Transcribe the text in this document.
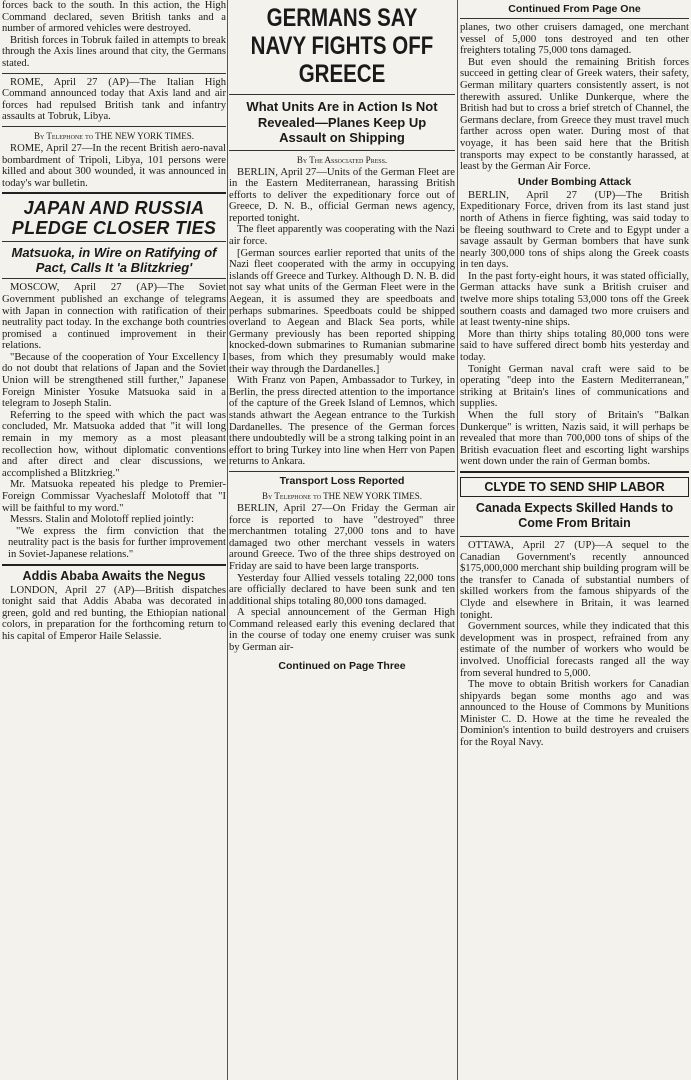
forces back to the south. In this action, the High Command declared, seven British tanks and a number of armored vehicles were destroyed.

British forces in Tobruk failed in attempts to break through the Axis lines around that city, the Germans stated.

ROME, April 27 (AP)—The Italian High Command announced today that Axis land and air forces had repulsed British tank and infantry assaults at Tobruk, Libya.

By Telephone to THE NEW YORK TIMES.

ROME, April 27—In the recent British aero-naval bombardment of Tripoli, Libya, 101 persons were killed and about 300 wounded, it was announced in today's war bulletin.

JAPAN AND RUSSIA PLEDGE CLOSER TIES
Matsuoka, in Wire on Ratifying of Pact, Calls It 'a Blitzkrieg'

MOSCOW, April 27 (AP)—The Soviet Government published an exchange of telegrams with Japan in connection with ratification of their neutrality pact today. In the exchange both countries promised a continued improvement in their relations.

"Because of the cooperation of Your Excellency I do not doubt that relations of Japan and the Soviet Union will be strengthened still further," Japanese Foreign Minister Yosuke Matsuoka said in a telegram to Joseph Stalin.

Referring to the speed with which the pact was concluded, Mr. Matsuoka added that "it will long remain in my memory as a most pleasant recollection how, without diplomatic conventions and after direct and clear discussions, we accomplished a Blitzkrieg."

Mr. Matsuoka repeated his pledge to Premier-Foreign Commissar Vyacheslaff Molotoff that "I will be faithful to my word."

Messrs. Stalin and Molotoff replied jointly:

"We express the firm conviction that the neutrality pact is the basis for further improvement in Soviet-Japanese relations."

Addis Ababa Awaits the Negus

LONDON, April 27 (AP)—British dispatches tonight said that Addis Ababa was decorated in green, gold and red bunting, the Ethiopian national colors, in preparation for the forthcoming return to his capital of Emperor Haile Selassie.

GERMANS SAY NAVY FIGHTS OFF GREECE
What Units Are in Action Is Not Revealed—Planes Keep Up Assault on Shipping
By The Associated Press.

BERLIN, April 27—Units of the German Fleet are in the Eastern Mediterranean, harassing British efforts to deliver the expeditionary force out of Greece, D. N. B., official German news agency, reported tonight.

The fleet apparently was cooperating with the Nazi air force.

[German sources earlier reported that units of the Nazi fleet cooperated with the army in occupying islands off Greece and Turkey. Although D. N. B. did not say what units of the German Fleet were in the Aegean, it is assumed they are speedboats and perhaps submarines. Speedboats could be shipped overland to Aegean and Black Sea ports, while Germany previously has been reported shipping knocked-down submarines to Rumanian submarine bases, from which they presumably would make their way through the Dardanelles.]

With Franz von Papen, Ambassador to Turkey, in Berlin, the press directed attention to the importance of the capture of the Greek Island of Lemnos, which stands athwart the Aegean entrance to the Turkish Dardanelles. The presence of the German forces there undoubtedly will be a strong talking point in an effort to bring Turkey into line when Herr von Papen returns to Ankara.

Transport Loss Reported
By Telephone to THE NEW YORK TIMES.

BERLIN, April 27—On Friday the German air force is reported to have "destroyed" three merchantmen totaling 27,000 tons and to have damaged two other merchant vessels in waters around Greece. Two of the three ships destroyed on Friday are said to have been large transports.

Yesterday four Allied vessels totaling 22,000 tons are officially declared to have been sunk and ten additional ships totaling 80,000 tons damaged.

A special announcement of the German High Command released early this evening declared that in the course of today one enemy cruiser was sunk by German air-

Continued on Page Three
Continued From Page One

planes, two other cruisers damaged, one merchant vessel of 5,000 tons destroyed and ten other freighters totaling 75,000 tons damaged.

But even should the remaining British forces succeed in getting clear of Greek waters, their safety, German military quarters consistently assert, is not therewith assured. Unlike Dunkerque, where the British had but to cross a brief stretch of Channel, the Germans declare, from Greece they must travel much farther across open water. During most of that voyage, it has been said here that the British transports may expect to be constantly harassed, at least by the German Air Force.

Under Bombing Attack

BERLIN, April 27 (UP)—The British Expeditionary Force, driven from its last stand just north of Athens in fierce fighting, was said today to be fleeing southward to Crete and to Egypt under a savage assault by German bombers that have sunk nearly 300,000 tons of ships along the Greek coasts in ten days.

In the past forty-eight hours, it was stated officially, German attacks have sunk a British cruiser and twelve more ships totaling 53,000 tons off the Greek southern coasts and damaged two more cruisers and at least twenty-nine ships.

More than thirty ships totaling 80,000 tons were said to have suffered direct bomb hits yesterday and today.

Tonight German naval craft were said to be operating "deep into the Eastern Mediterranean," striking at Britain's lines of communications and supplies.

When the full story of Britain's "Balkan Dunkerque" is written, Nazis said, it will perhaps be revealed that more than 700,000 tons of ships of the British evacuation fleet and escorting light warships went down under the rain of German bombs.

CLYDE TO SEND SHIP LABOR
Canada Expects Skilled Hands to Come From Britain

OTTAWA, April 27 (UP)—A sequel to the Canadian Government's recently announced $175,000,000 merchant ship building program will be the transfer to Canada of substantial numbers of skilled workers from the famous shipyards of the Clyde and elsewhere in Britain, it was learned tonight.

Government sources, while they indicated that this development was in prospect, refrained from any estimate of the number of workers who would be involved. Unofficial forecasts ranged all the way from several hundred to 5,000.

The move to obtain British workers for Canadian shipyards began some months ago and was announced to the House of Commons by Munitions Minister C. D. Howe at the time he revealed the Dominion's intention to build destroyers and cruisers for the Royal Navy.
